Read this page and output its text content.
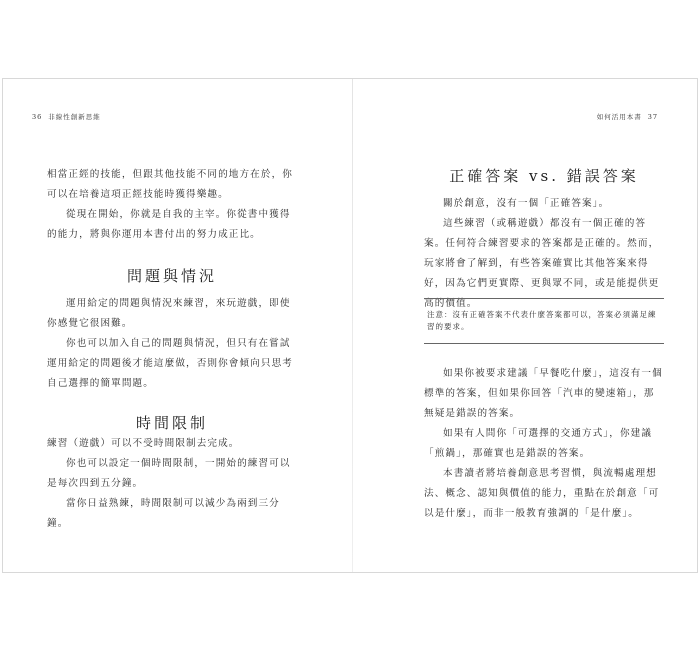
36 非線性創新思維

相當正經的技能，但跟其他技能不同的地方在於，你可以在培養這項正經技能時獲得樂趣。

從現在開始，你就是自我的主宰。你從書中獲得的能力，將與你運用本書付出的努力成正比。

問題與情況

運用給定的問題與情況來練習，來玩遊戲，即使你感覺它很困難。

你也可以加入自己的問題與情況，但只有在嘗試運用給定的問題後才能這麼做，否則你會傾向只思考自己選擇的簡單問題。

時間限制

練習（遊戲）可以不受時間限制去完成。

你也可以設定一個時間限制，一開始的練習可以是每次四到五分鐘。

當你日益熟練，時間限制可以減少為兩到三分鐘。

如何活用本書 37
正確答案 vs. 錯誤答案

關於創意，沒有一個「正確答案」。

這些練習（或稱遊戲）都沒有一個正確的答案。任何符合練習要求的答案都是正確的。然而，玩家將會了解到，有些答案確實比其他答案來得好，因為它們更實際、更與眾不同，或是能提供更高的價值。

注意：沒有正確答案不代表什麼答案都可以，答案必須滿足練習的要求。

如果你被要求建議「早餐吃什麼」，這沒有一個標準的答案，但如果你回答「汽車的變速箱」，那無疑是錯誤的答案。

如果有人問你「可選擇的交通方式」，你建議「煎鍋」，那確實也是錯誤的答案。

本書讀者將培養創意思考習慣，與流暢處理想法、概念、認知與價值的能力，重點在於創意「可以是什麼」，而非一般教育強調的「是什麼」。
